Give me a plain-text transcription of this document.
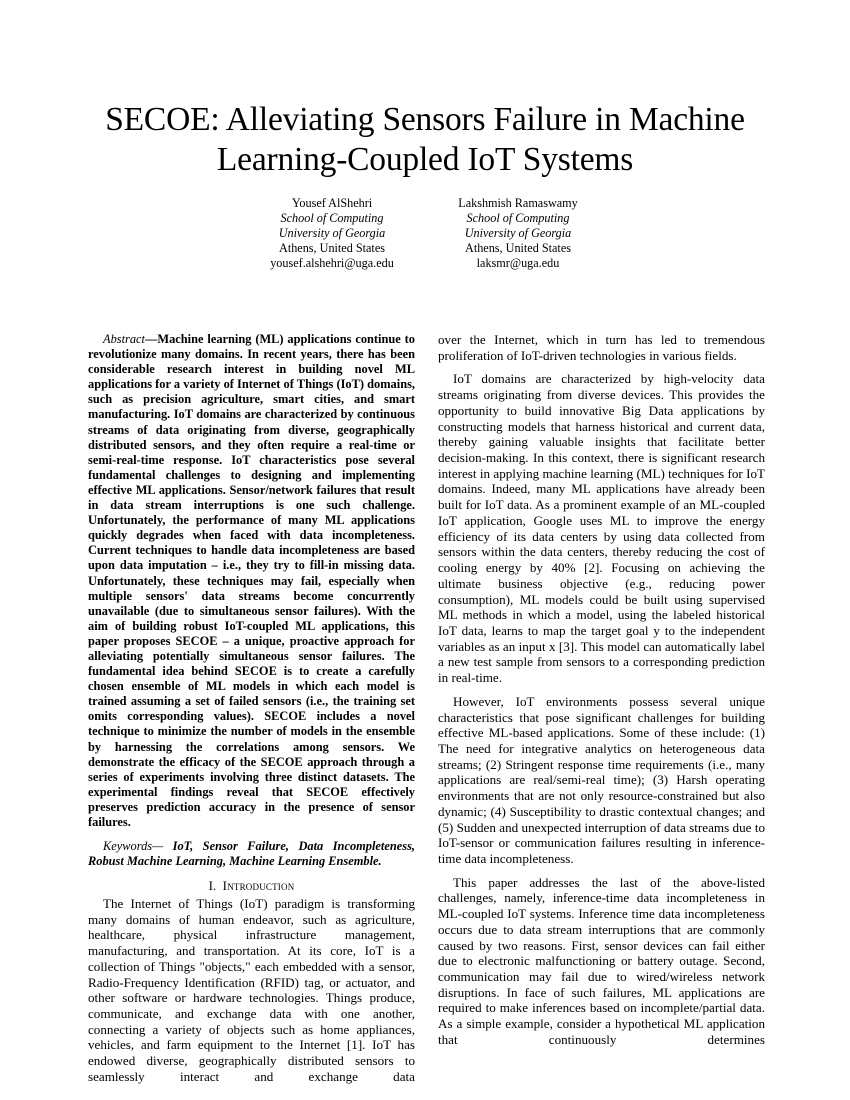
SECOE: Alleviating Sensors Failure in Machine
Learning-Coupled IoT Systems
Yousef AlShehri
School of Computing
University of Georgia
Athens, United States
yousef.alshehri@uga.edu
Lakshmish Ramaswamy
School of Computing
University of Georgia
Athens, United States
laksmr@uga.edu

Abstract—Machine learning (ML) applications continue to revolutionize many domains. In recent years, there has been considerable research interest in building novel ML applications for a variety of Internet of Things (IoT) domains, such as precision agriculture, smart cities, and smart manufacturing. IoT domains are characterized by continuous streams of data originating from diverse, geographically distributed sensors, and they often require a real-time or semi-real-time response. IoT characteristics pose several fundamental challenges to designing and implementing effective ML applications. Sensor/network failures that result in data stream interruptions is one such challenge. Unfortunately, the performance of many ML applications quickly degrades when faced with data incompleteness. Current techniques to handle data incompleteness are based upon data imputation – i.e., they try to fill-in missing data. Unfortunately, these techniques may fail, especially when multiple sensors' data streams become concurrently unavailable (due to simultaneous sensor failures). With the aim of building robust IoT-coupled ML applications, this paper proposes SECOE – a unique, proactive approach for alleviating potentially simultaneous sensor failures. The fundamental idea behind SECOE is to create a carefully chosen ensemble of ML models in which each model is trained assuming a set of failed sensors (i.e., the training set omits corresponding values). SECOE includes a novel technique to minimize the number of models in the ensemble by harnessing the correlations among sensors. We demonstrate the efficacy of the SECOE approach through a series of experiments involving three distinct datasets. The experimental findings reveal that SECOE effectively preserves prediction accuracy in the presence of sensor failures.

Keywords— IoT, Sensor Failure, Data Incompleteness, Robust Machine Learning, Machine Learning Ensemble.

I. Introduction

The Internet of Things (IoT) paradigm is transforming many domains of human endeavor, such as agriculture, healthcare, physical infrastructure management, manufacturing, and transportation. At its core, IoT is a collection of Things "objects," each embedded with a sensor, Radio-Frequency Identification (RFID) tag, or actuator, and other software or hardware technologies. Things produce, communicate, and exchange data with one another, connecting a variety of objects such as home appliances, vehicles, and farm equipment to the Internet [1]. IoT has endowed diverse, geographically distributed sensors to seamlessly interact and exchange data

over the Internet, which in turn has led to tremendous proliferation of IoT-driven technologies in various fields.

IoT domains are characterized by high-velocity data streams originating from diverse devices. This provides the opportunity to build innovative Big Data applications by constructing models that harness historical and current data, thereby gaining valuable insights that facilitate better decision-making. In this context, there is significant research interest in applying machine learning (ML) techniques for IoT domains. Indeed, many ML applications have already been built for IoT data. As a prominent example of an ML-coupled IoT application, Google uses ML to improve the energy efficiency of its data centers by using data collected from sensors within the data centers, thereby reducing the cost of cooling energy by 40% [2]. Focusing on achieving the ultimate business objective (e.g., reducing power consumption), ML models could be built using supervised ML methods in which a model, using the labeled historical IoT data, learns to map the target goal y to the independent variables as an input x [3]. This model can automatically label a new test sample from sensors to a corresponding prediction in real-time.

However, IoT environments possess several unique characteristics that pose significant challenges for building effective ML-based applications. Some of these include: (1) The need for integrative analytics on heterogeneous data streams; (2) Stringent response time requirements (i.e., many applications are real/semi-real time); (3) Harsh operating environments that are not only resource-constrained but also dynamic; (4) Susceptibility to drastic contextual changes; and (5) Sudden and unexpected interruption of data streams due to IoT-sensor or communication failures resulting in inference-time data incompleteness.

This paper addresses the last of the above-listed challenges, namely, inference-time data incompleteness in ML-coupled IoT systems. Inference time data incompleteness occurs due to data stream interruptions that are commonly caused by two reasons. First, sensor devices can fail either due to electronic malfunctioning or battery outage. Second, communication may fail due to wired/wireless network disruptions. In face of such failures, ML applications are required to make inferences based on incomplete/partial data. As a simple example, consider a hypothetical ML application that continuously determines
